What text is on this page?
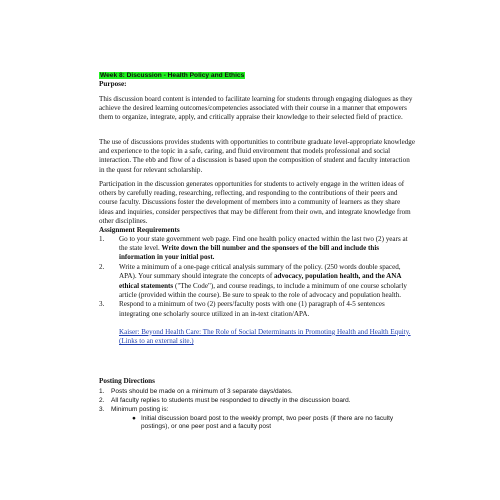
Week 8: Discussion - Health Policy and Ethics

Purpose:

This discussion board content is intended to facilitate learning for students through engaging dialogues as they achieve the desired learning outcomes/competencies associated with their course in a manner that empowers them to organize, integrate, apply, and critically appraise their knowledge to their selected field of practice.

The use of discussions provides students with opportunities to contribute graduate level-appropriate knowledge and experience to the topic in a safe, caring, and fluid environment that models professional and social interaction. The ebb and flow of a discussion is based upon the composition of student and faculty interaction in the quest for relevant scholarship.

Participation in the discussion generates opportunities for students to actively engage in the written ideas of others by carefully reading, researching, reflecting, and responding to the contributions of their peers and course faculty. Discussions foster the development of members into a community of learners as they share ideas and inquiries, consider perspectives that may be different from their own, and integrate knowledge from other disciplines.

Assignment Requirements

1. Go to your state government web page. Find one health policy enacted within the last two (2) years at the state level. Write down the bill number and the sponsors of the bill and include this information in your initial post.
2. Write a minimum of a one-page critical analysis summary of the policy. (250 words double spaced, APA). Your summary should integrate the concepts of advocacy, population health, and the ANA ethical statements ("The Code"), and course readings, to include a minimum of one course scholarly article (provided within the course). Be sure to speak to the role of advocacy and population health.
3. Respond to a minimum of two (2) peers/faculty posts with one (1) paragraph of 4-5 sentences integrating one scholarly source utilized in an in-text citation/APA.
Kaiser: Beyond Health Care: The Role of Social Determinants in Promoting Health and Health Equity. (Links to an external site.)

Posting Directions

1. Posts should be made on a minimum of 3 separate days/dates.
2. All faculty replies to students must be responded to directly in the discussion board.
3. Minimum posting is:
● Initial discussion board post to the weekly prompt, two peer posts (if there are no faculty postings), or one peer post and a faculty post
